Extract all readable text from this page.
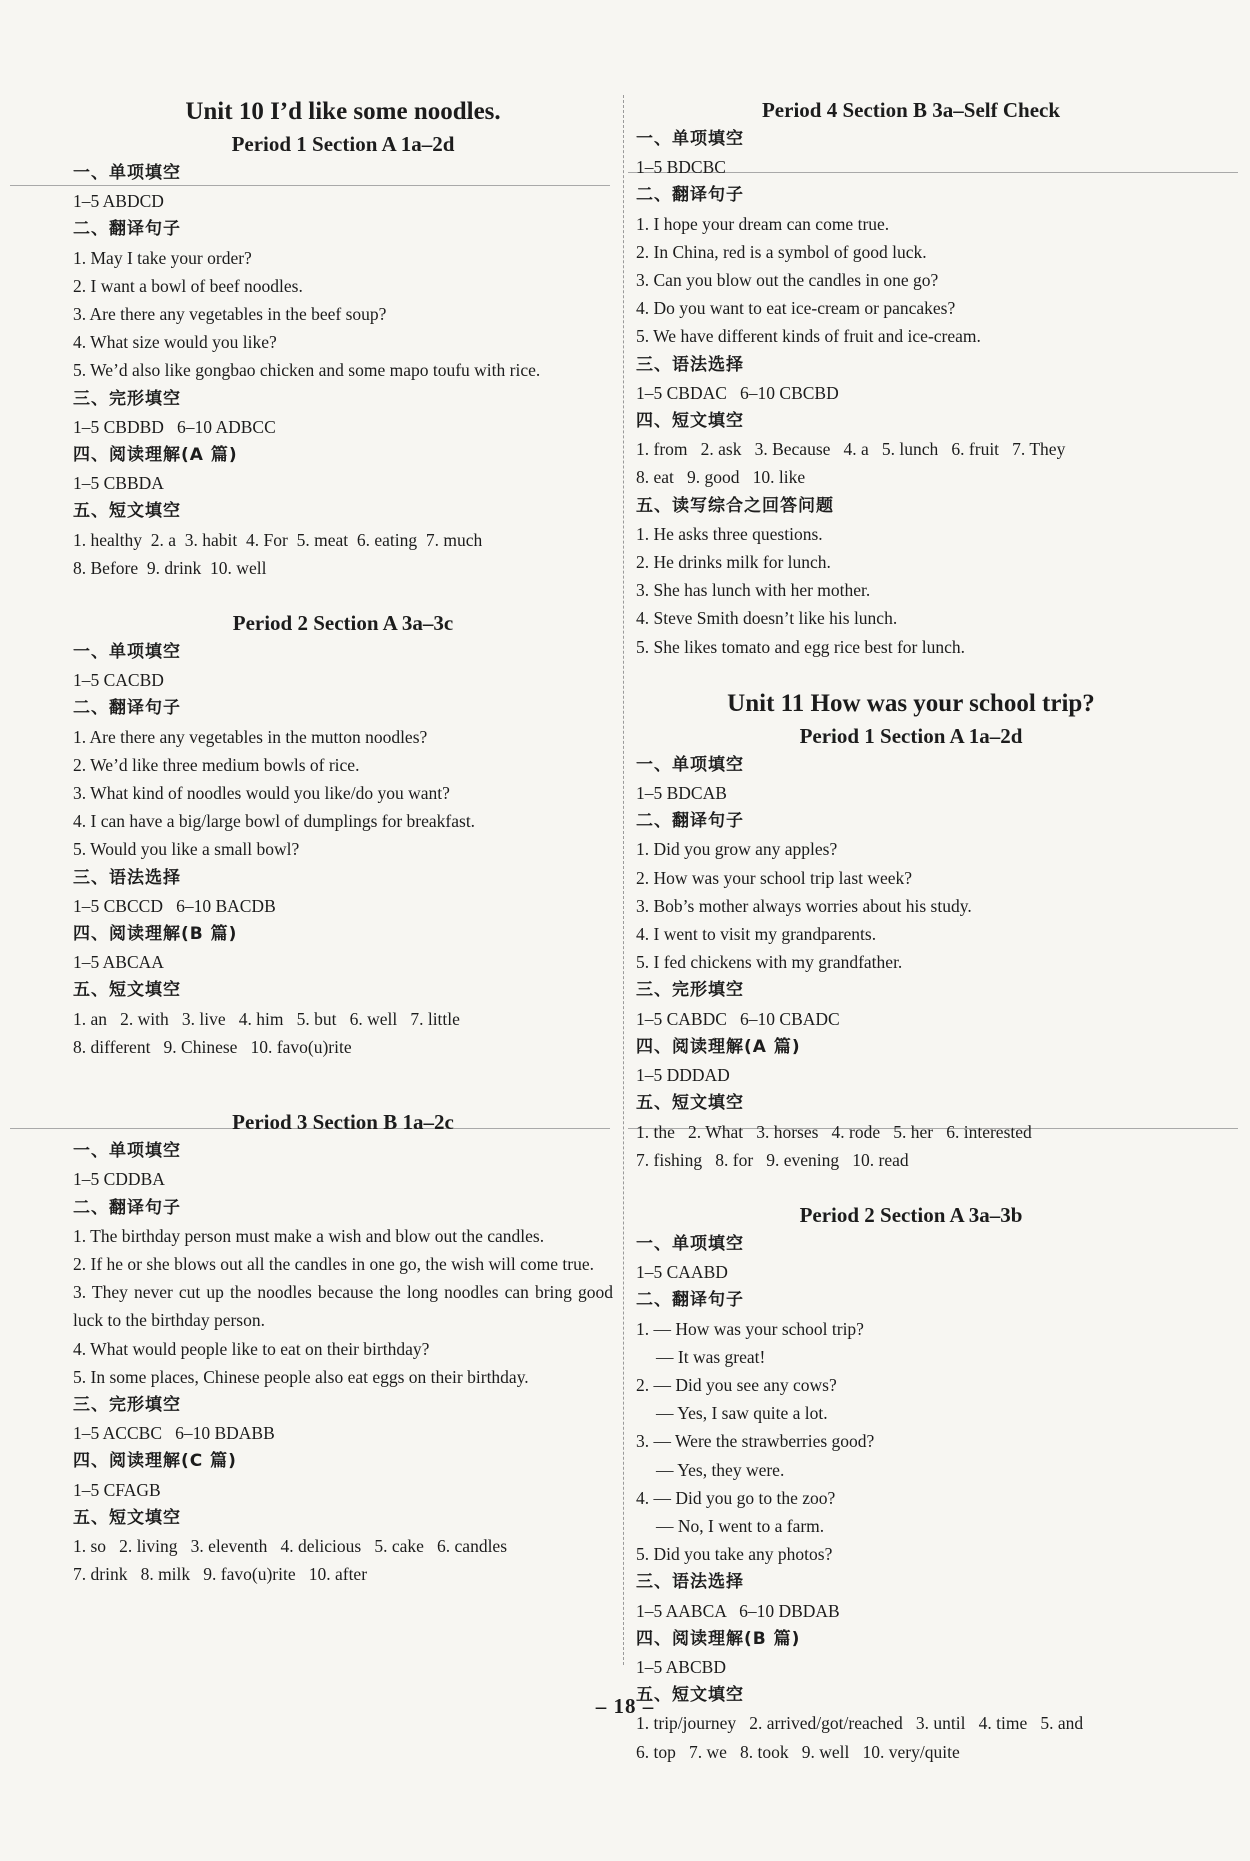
Unit 10 I’d like some noodles.
Period 1 Section A 1a–2d
一、单项填空
1–5 ABDCD
二、翻译句子
1. May I take your order?
2. I want a bowl of beef noodles.
3. Are there any vegetables in the beef soup?
4. What size would you like?
5. We’d also like gongbao chicken and some mapo toufu with rice.
三、完形填空
1–5 CBDBD   6–10 ADBCC
四、阅读理解(A 篇)
1–5 CBBDA
五、短文填空
1. healthy  2. a  3. habit  4. For  5. meat  6. eating  7. much
8. Before  9. drink  10. well
Period 2 Section A 3a–3c
一、单项填空
1–5 CACBD
二、翻译句子
1. Are there any vegetables in the mutton noodles?
2. We’d like three medium bowls of rice.
3. What kind of noodles would you like/do you want?
4. I can have a big/large bowl of dumplings for breakfast.
5. Would you like a small bowl?
三、语法选择
1–5 CBCCD   6–10 BACDB
四、阅读理解(B 篇)
1–5 ABCAA
五、短文填空
1. an   2. with   3. live   4. him   5. but   6. well   7. little
8. different   9. Chinese   10. favo(u)rite
Period 3 Section B 1a–2c
一、单项填空
1–5 CDDBA
二、翻译句子
1. The birthday person must make a wish and blow out the candles.
2. If he or she blows out all the candles in one go, the wish will come true.
3. They never cut up the noodles because the long noodles can bring good luck to the birthday person.
4. What would people like to eat on their birthday?
5. In some places, Chinese people also eat eggs on their birthday.
三、完形填空
1–5 ACCBC   6–10 BDABB
四、阅读理解(C 篇)
1–5 CFAGB
五、短文填空
1. so   2. living   3. eleventh   4. delicious   5. cake   6. candles
7. drink   8. milk   9. favo(u)rite   10. after
Period 4 Section B 3a–Self Check
一、单项填空
1–5 BDCBC
二、翻译句子
1. I hope your dream can come true.
2. In China, red is a symbol of good luck.
3. Can you blow out the candles in one go?
4. Do you want to eat ice-cream or pancakes?
5. We have different kinds of fruit and ice-cream.
三、语法选择
1–5 CBDAC   6–10 CBCBD
四、短文填空
1. from   2. ask   3. Because   4. a   5. lunch   6. fruit   7. They
8. eat   9. good   10. like
五、读写综合之回答问题
1. He asks three questions.
2. He drinks milk for lunch.
3. She has lunch with her mother.
4. Steve Smith doesn’t like his lunch.
5. She likes tomato and egg rice best for lunch.
Unit 11 How was your school trip?
Period 1 Section A 1a–2d
一、单项填空
1–5 BDCAB
二、翻译句子
1. Did you grow any apples?
2. How was your school trip last week?
3. Bob’s mother always worries about his study.
4. I went to visit my grandparents.
5. I fed chickens with my grandfather.
三、完形填空
1–5 CABDC   6–10 CBADC
四、阅读理解(A 篇)
1–5 DDDAD
五、短文填空
1. the   2. What   3. horses   4. rode   5. her   6. interested
7. fishing   8. for   9. evening   10. read
Period 2 Section A 3a–3b
一、单项填空
1–5 CAABD
二、翻译句子
1. — How was your school trip?
— It was great!
2. — Did you see any cows?
— Yes, I saw quite a lot.
3. — Were the strawberries good?
— Yes, they were.
4. — Did you go to the zoo?
— No, I went to a farm.
5. Did you take any photos?
三、语法选择
1–5 AABCA   6–10 DBDAB
四、阅读理解(B 篇)
1–5 ABCBD
五、短文填空
1. trip/journey   2. arrived/got/reached   3. until   4. time   5. and
6. top   7. we   8. took   9. well   10. very/quite
– 18 –
